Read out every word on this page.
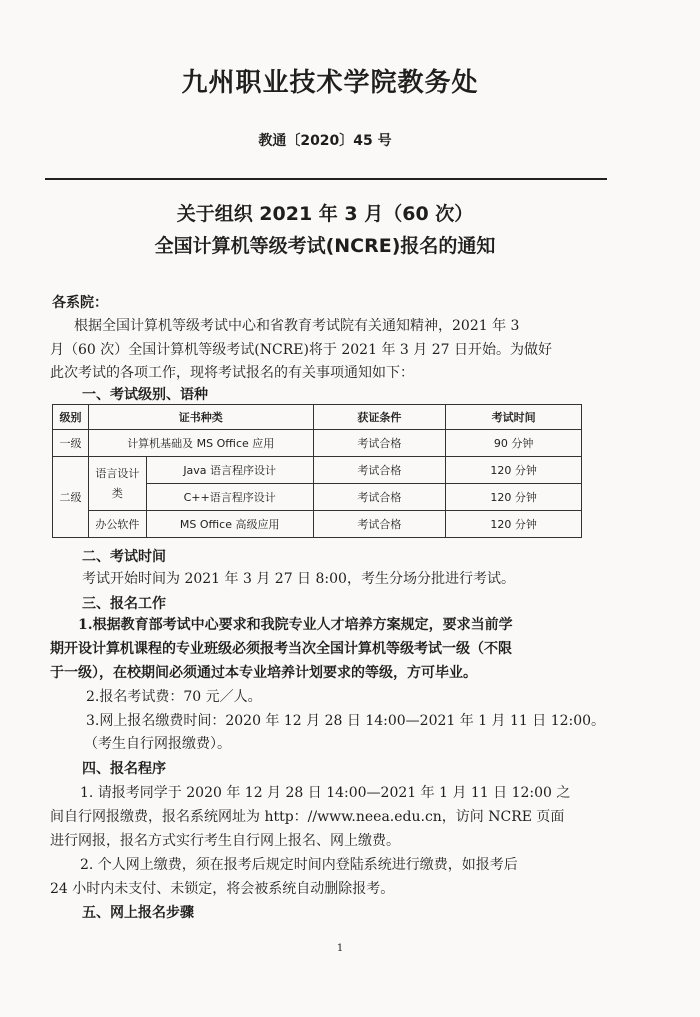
九州职业技术学院教务处
教通〔2020〕45 号
关于组织 2021 年 3 月（60 次）
全国计算机等级考试(NCRE)报名的通知
各系院：
根据全国计算机等级考试中心和省教育考试院有关通知精神，2021 年 3
月（60 次）全国计算机等级考试(NCRE)将于 2021 年 3 月 27 日开始。为做好
此次考试的各项工作，现将考试报名的有关事项通知如下：
一、考试级别、语种
级别	证书种类		获证条件	考试时间
一级	计算机基础及 MS Office 应用		考试合格	90 分钟
二级	语言设计类	Java 语言程序设计	考试合格	120 分钟
		C++语言程序设计	考试合格	120 分钟
	办公软件	MS Office 高级应用	考试合格	120 分钟
二、考试时间
考试开始时间为 2021 年 3 月 27 日 8:00，考生分场分批进行考试。
三、报名工作
1.根据教育部考试中心要求和我院专业人才培养方案规定，要求当前学
期开设计算机课程的专业班级必须报考当次全国计算机等级考试一级（不限
于一级），在校期间必须通过本专业培养计划要求的等级，方可毕业。
2.报名考试费：70 元／人。
3.网上报名缴费时间：2020 年 12 月 28 日 14:00—2021 年 1 月 11 日 12:00。
（考生自行网报缴费）。
四、报名程序
1. 请报考同学于 2020 年 12 月 28 日 14:00—2021 年 1 月 11 日 12:00 之
间自行网报缴费，报名系统网址为 http：//www.neea.edu.cn，访问 NCRE 页面
进行网报，报名方式实行考生自行网上报名、网上缴费。
2. 个人网上缴费，须在报考后规定时间内登陆系统进行缴费，如报考后
24 小时内未支付、未锁定，将会被系统自动删除报考。
五、网上报名步骤
1
